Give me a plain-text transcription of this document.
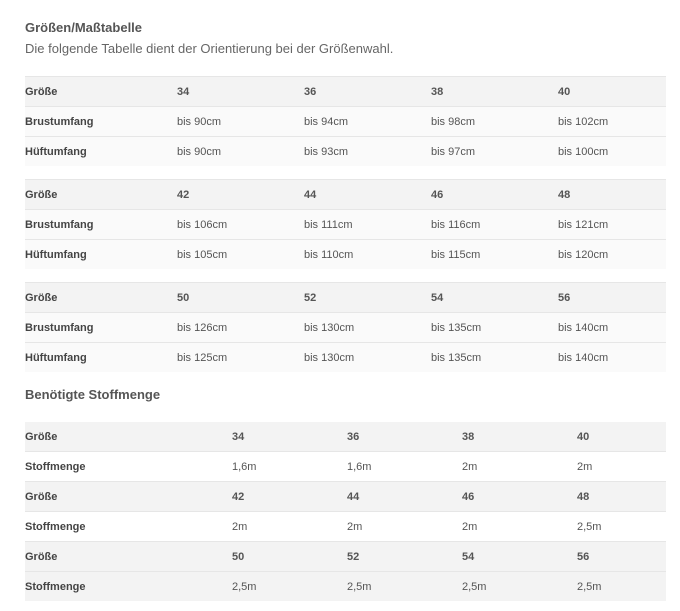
Größen/Maßtabelle
Die folgende Tabelle dient der Orientierung bei der Größenwahl.
Größe	34	36	38	40
Brustumfang	bis 90cm	bis 94cm	bis 98cm	bis 102cm
Hüftumfang	bis 90cm	bis 93cm	bis 97cm	bis 100cm
Größe	42	44	46	48
Brustumfang	bis 106cm	bis 111cm	bis 116cm	bis 121cm
Hüftumfang	bis 105cm	bis 110cm	bis 115cm	bis 120cm
Größe	50	52	54	56
Brustumfang	bis 126cm	bis 130cm	bis 135cm	bis 140cm
Hüftumfang	bis 125cm	bis 130cm	bis 135cm	bis 140cm
Benötigte Stoffmenge
Größe	34	36	38	40
Stoffmenge	1,6m	1,6m	2m	2m
Größe	42	44	46	48
Stoffmenge	2m	2m	2m	2,5m
Größe	50	52	54	56
Stoffmenge	2,5m	2,5m	2,5m	2,5m
